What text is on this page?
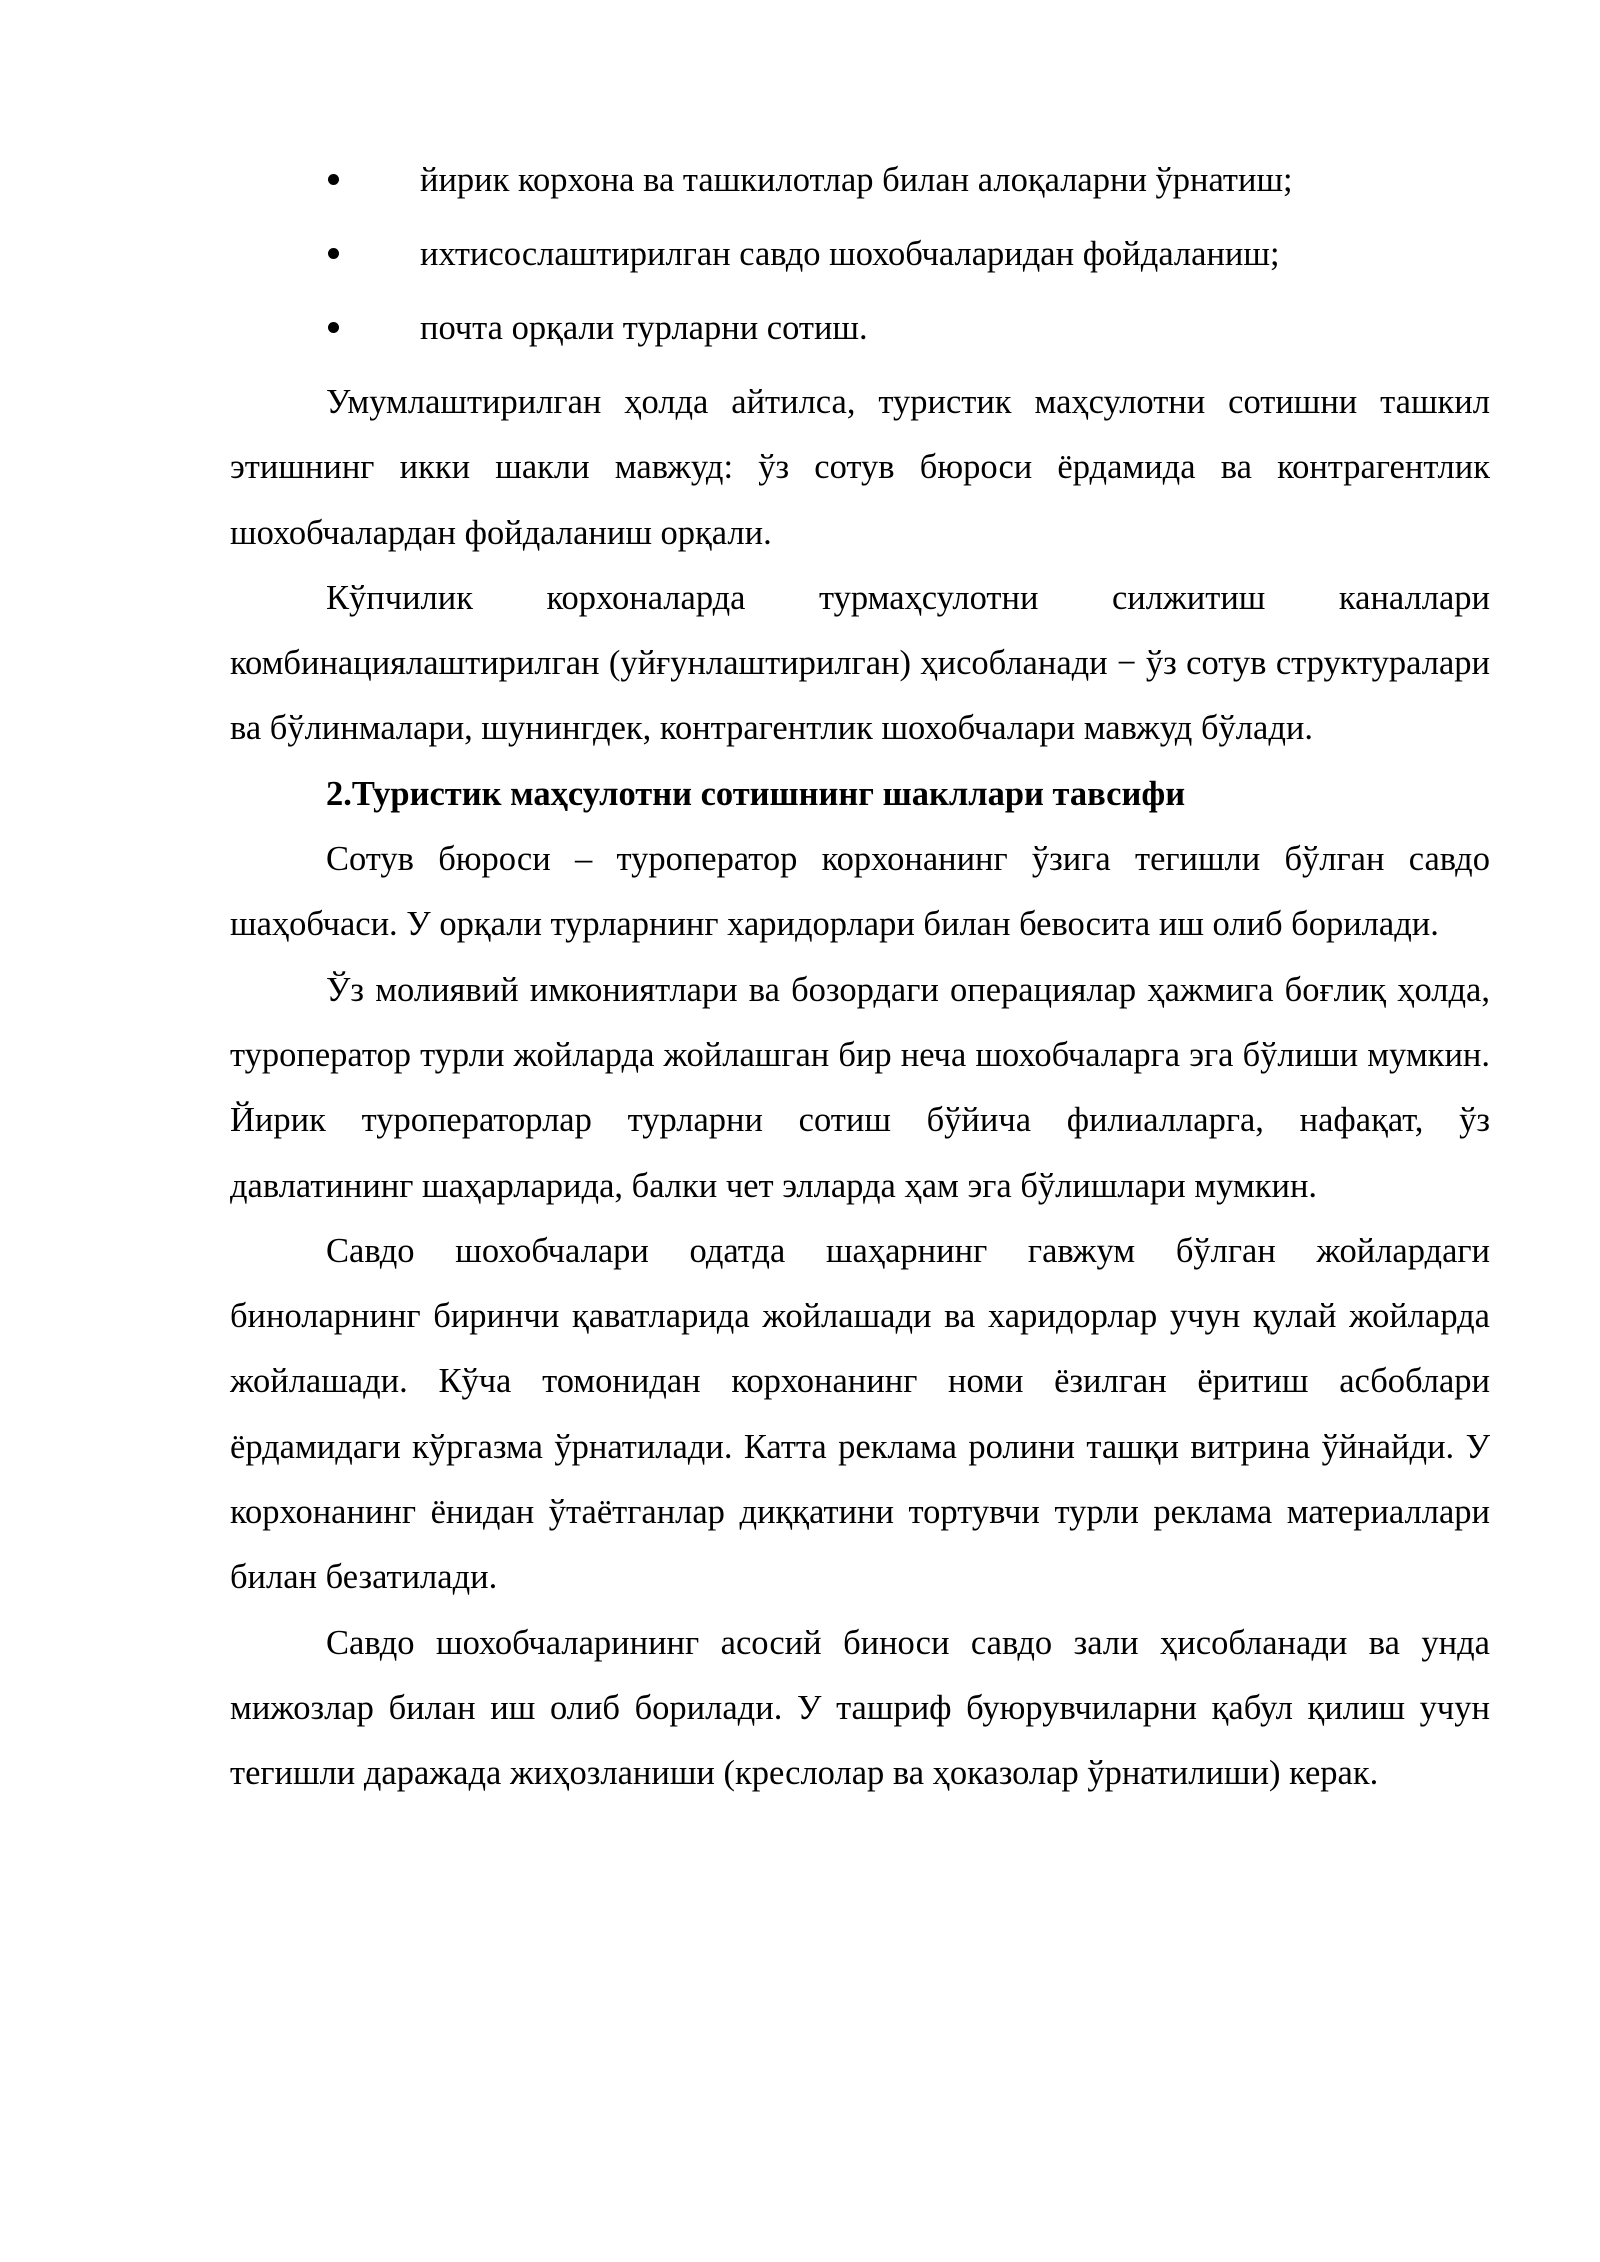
йирик корхона ва ташкилотлар билан алоқаларни ўрнатиш;
ихтисослаштирилган савдо шохобчаларидан фойдаланиш;
почта орқали турларни сотиш.

Умумлаштирилган ҳолда айтилса, туристик маҳсулотни сотишни ташкил этишнинг икки шакли мавжуд: ўз сотув бюроси ёрдамида ва контрагентлик шохобчалардан фойдаланиш орқали.

Кўпчилик корхоналарда турмаҳсулотни силжитиш каналлари комбинациялаштирилган (уйғунлаштирилган) ҳисобланади − ўз сотув структуралари ва бўлинмалари, шунингдек, контрагентлик шохобчалари мавжуд бўлади.

2.Туристик маҳсулотни сотишнинг шакллари тавсифи

Сотув бюроси – туроператор корхонанинг ўзига тегишли бўлган савдо шаҳобчаси. У орқали турларнинг харидорлари билан бевосита иш олиб борилади.

Ўз молиявий имкониятлари ва бозордаги операциялар ҳажмига боғлиқ ҳолда, туроператор турли жойларда жойлашган бир неча шохобчаларга эга бўлиши мумкин. Йирик туроператорлар турларни сотиш бўйича филиалларга, нафақат, ўз давлатининг шаҳарларида, балки чет элларда ҳам эга бўлишлари мумкин.

Савдо шохобчалари одатда шаҳарнинг гавжум бўлган жойлардаги биноларнинг биринчи қаватларида жойлашади ва харидорлар учун қулай жойларда жойлашади. Кўча томонидан корхонанинг номи ёзилган ёритиш асбоблари ёрдамидаги кўргазма ўрнатилади. Катта реклама ролини ташқи витрина ўйнайди. У корхонанинг ёнидан ўтаётганлар диққатини тортувчи турли реклама материаллари билан безатилади.

Савдо шохобчаларининг асосий биноси савдо зали ҳисобланади ва унда мижозлар билан иш олиб борилади. У ташриф буюрувчиларни қабул қилиш учун тегишли даражада жиҳозланиши (креслолар ва ҳоказолар ўрнатилиши) керак.
